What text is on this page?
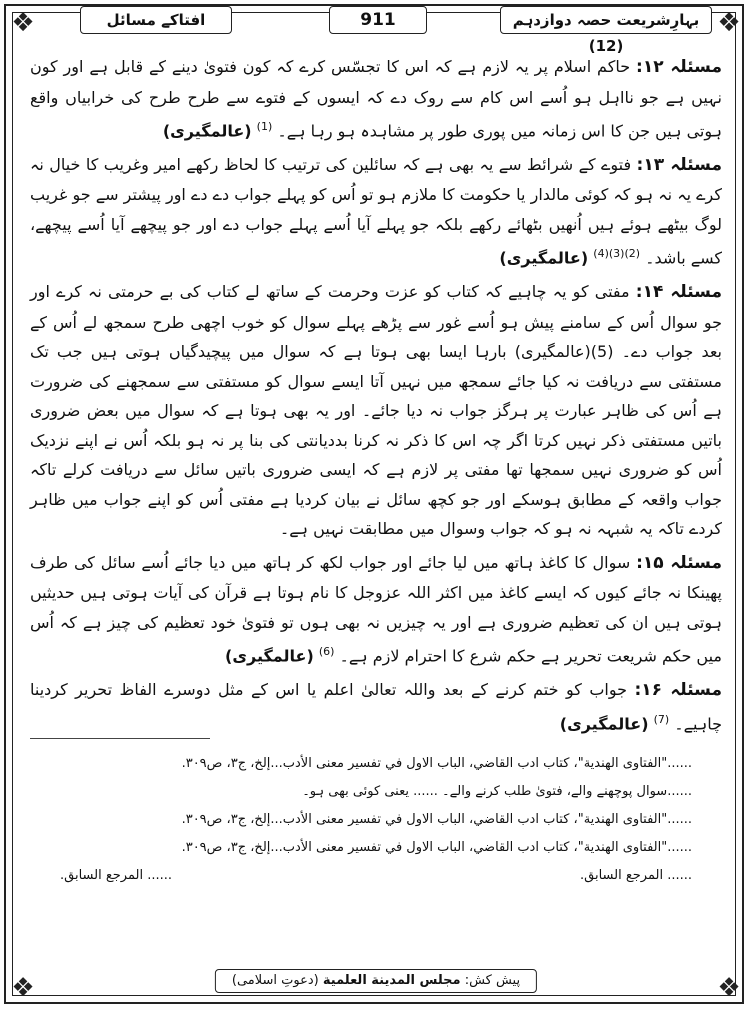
❖	❖
❖	❖
بہارِشریعت حصہ دوازدہم (12)
911
افتاکے مسائل

مسئلہ ۱۲: حاکم اسلام پر یہ لازم ہے کہ اس کا تجسّس کرے کہ کون فتویٰ دینے کے قابل ہے اور کون نہیں ہے جو نااہل ہو اُسے اس کام سے روک دے کہ ایسوں کے فتوے سے طرح طرح کی خرابیاں واقع ہوتی ہیں جن کا اس زمانہ میں پوری طور پر مشاہدہ ہو رہا ہے۔ $^{(1)}$ (عالمگیری)

مسئلہ ۱۳: فتوے کے شرائط سے یہ بھی ہے کہ سائلین کی ترتیب کا لحاظ رکھے امیر وغریب کا خیال نہ کرے یہ نہ ہو کہ کوئی مالدار یا حکومت کا ملازم ہو تو اُس کو پہلے جواب دے دے اور پیشتر سے جو غریب لوگ بیٹھے ہوئے ہیں اُنھیں بٹھائے رکھے بلکہ جو پہلے آیا اُسے پہلے جواب دے اور جو پیچھے آیا اُسے پیچھے، کسے باشد۔ $^{(2)(3)(4)}$ (عالمگیری)

مسئلہ ۱۴: مفتی کو یہ چاہیے کہ کتاب کو عزت وحرمت کے ساتھ لے کتاب کی بے حرمتی نہ کرے اور جو سوال اُس کے سامنے پیش ہو اُسے غور سے پڑھے پہلے سوال کو خوب اچھی طرح سمجھ لے اُس کے بعد جواب دے۔ (5)(عالمگیری) بارہا ایسا بھی ہوتا ہے کہ سوال میں پیچیدگیاں ہوتی ہیں جب تک مستفتی سے دریافت نہ کیا جائے سمجھ میں نہیں آتا ایسے سوال کو مستفتی سے سمجھنے کی ضرورت ہے اُس کی ظاہر عبارت پر ہرگز جواب نہ دیا جائے۔ اور یہ بھی ہوتا ہے کہ سوال میں بعض ضروری باتیں مستفتی ذکر نہیں کرتا اگر چہ اس کا ذکر نہ کرنا بددیانتی کی بنا پر نہ ہو بلکہ اُس نے اپنے نزدیک اُس کو ضروری نہیں سمجھا تھا مفتی پر لازم ہے کہ ایسی ضروری باتیں سائل سے دریافت کرلے تاکہ جواب واقعہ کے مطابق ہوسکے اور جو کچھ سائل نے بیان کردیا ہے مفتی اُس کو اپنے جواب میں ظاہر کردے تاکہ یہ شبہہ نہ ہو کہ جواب وسوال میں مطابقت نہیں ہے۔

مسئلہ ۱۵: سوال کا کاغذ ہاتھ میں لیا جائے اور جواب لکھ کر ہاتھ میں دیا جائے اُسے سائل کی طرف پھینکا نہ جائے کیوں کہ ایسے کاغذ میں اکثر اللہ عزوجل کا نام ہوتا ہے قرآن کی آیات ہوتی ہیں حدیثیں ہوتی ہیں ان کی تعظیم ضروری ہے اور یہ چیزیں نہ بھی ہوں تو فتویٰ خود تعظیم کی چیز ہے کہ اُس میں حکم شریعت تحریر ہے حکم شرع کا احترام لازم ہے۔ $^{(6)}$ (عالمگیری)

مسئلہ ۱۶: جواب کو ختم کرنے کے بعد واللہ تعالیٰ اعلم یا اس کے مثل دوسرے الفاظ تحریر کردینا چاہیے۔ $^{(7)}$ (عالمگیری)

......"الفتاوى الهندية"، كتاب ادب القاضي، الباب الاول في تفسير معنى الأدب...إلخ، ج٣، ص٣٠٩.
......سوال پوچھنے والے، فتویٰ طلب کرنے والے۔ ...... یعنی کوئی بھی ہو۔
......"الفتاوى الهندية"، كتاب ادب القاضي، الباب الاول في تفسير معنى الأدب...إلخ، ج٣، ص٣٠٩.
......"الفتاوى الهندية"، كتاب ادب القاضي، الباب الاول في تفسير معنى الأدب...إلخ، ج٣، ص٣٠٩.
...... المرجع السابق.
...... المرجع السابق.
پیش کش: مجلس المدينة العلمية (دعوتِ اسلامی)
